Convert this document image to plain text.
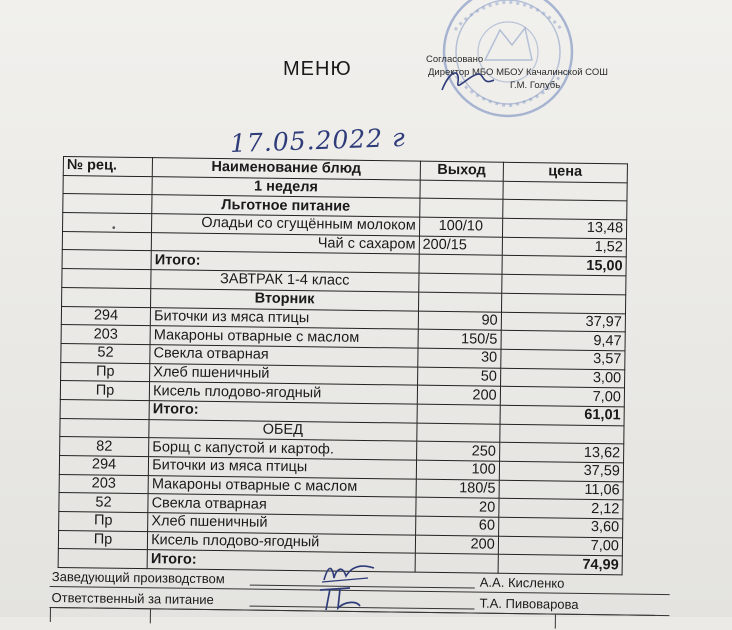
МЕНЮ	Согласовано
Директор МБО МБОУ Качалинской СОШ
Г.М. Голубь
17.05.2022 г
•
№ рец.	Наименование блюд	Выход	цена
	1 неделя		
	Льготное питание		
	Оладьи со сгущённым молоком	100/10	13,48
	Чай с сахаром	200/15	1,52
	Итого:		15,00
	ЗАВТРАК 1-4 класс		
	Вторник		
294	Биточки из мяса птицы	90	37,97
203	Макароны отварные с маслом	150/5	9,47
52	Свекла отварная	30	3,57
Пр	Хлеб пшеничный	50	3,00
Пр	Кисель плодово-ягодный	200	7,00
	Итого:		61,01
	ОБЕД		
82	Борщ с капустой и картоф.	250	13,62
294	Биточки из мяса птицы	100	37,59
203	Макароны отварные с маслом	180/5	11,06
52	Свекла отварная	20	2,12
Пр	Хлеб пшеничный	60	3,60
Пр	Кисель плодово-ягодный	200	7,00
	Итого:		74,99
Заведующий производством	А.А. Кисленко
Ответственный за питание	Т.А. Пивоварова
